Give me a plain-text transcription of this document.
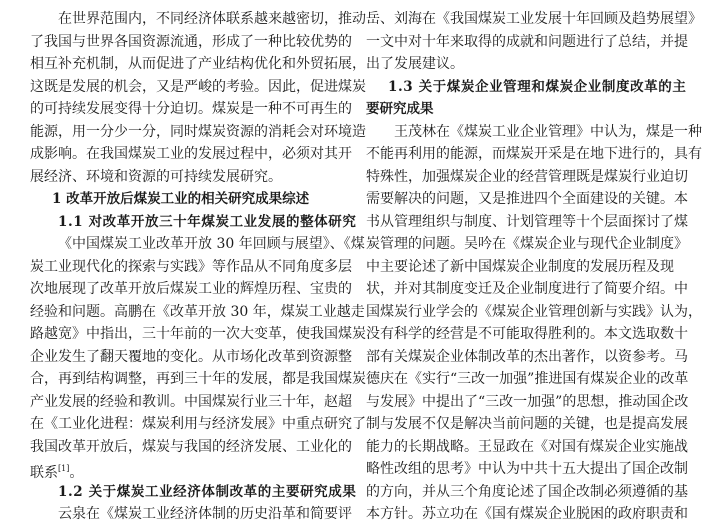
在世界范围内，不同经济体联系越来越密切，推动
了我国与世界各国资源流通，形成了一种比较优势的
相互补充机制，从而促进了产业结构优化和外贸拓展，
这既是发展的机会，又是严峻的考验。因此，促进煤炭
的可持续发展变得十分迫切。煤炭是一种不可再生的
能源，用一分少一分，同时煤炭资源的消耗会对环境造
成影响。在我国煤炭工业的发展过程中，必须对其开
展经济、环境和资源的可持续发展研究。
1 改革开放后煤炭工业的相关研究成果综述
1.1 对改革开放三十年煤炭工业发展的整体研究
《中国煤炭工业改革开放 30 年回顾与展望》、《煤
炭工业现代化的探索与实践》等作品从不同角度多层
次地展现了改革开放后煤炭工业的辉煌历程、宝贵的
经验和问题。高鹏在《改革开放 30 年，煤炭工业越走
路越宽》中指出，三十年前的一次大变革，使我国煤炭
企业发生了翻天覆地的变化。从市场化改革到资源整
合，再到结构调整，再到三十年的发展，都是我国煤炭
产业发展的经验和教训。中国煤炭行业三十年，赵超
在《工业化进程：煤炭利用与经济发展》中重点研究了
我国改革开放后，煤炭与我国的经济发展、工业化的
联系[1]。
1.2 关于煤炭工业经济体制改革的主要研究成果
云泉在《煤炭工业经济体制的历史沿革和简要评
岳、刘海在《我国煤炭工业发展十年回顾及趋势展望》
一文中对十年来取得的成就和问题进行了总结，并提
出了发展建议。
1.3 关于煤炭企业管理和煤炭企业制度改革的主
要研究成果
王茂林在《煤炭工业企业管理》中认为，煤是一种
不能再利用的能源，而煤炭开采是在地下进行的，具有
特殊性，加强煤炭企业的经营管理既是煤炭行业迫切
需要解决的问题，又是推进四个全面建设的关键。本
书从管理组织与制度、计划管理等十个层面探讨了煤
炭管理的问题。吴吟在《煤炭企业与现代企业制度》
中主要论述了新中国煤炭企业制度的发展历程及现
状，并对其制度变迁及企业制度进行了简要介绍。中
国煤炭行业学会的《煤炭企业管理创新与实践》认为，
没有科学的经营是不可能取得胜利的。本文选取数十
部有关煤炭企业体制改革的杰出著作，以资参考。马
德庆在《实行“三改一加强”推进国有煤炭企业的改革
与发展》中提出了“三改一加强”的思想，推动国企改
制与发展不仅是解决当前问题的关键，也是提高发展
能力的长期战略。王显政在《对国有煤炭企业实施战
略性改组的思考》中认为中共十五大提出了国企改制
的方向，并从三个角度论述了国企改制必须遵循的基
本方针。苏立功在《国有煤炭企业脱困的政府职责和
